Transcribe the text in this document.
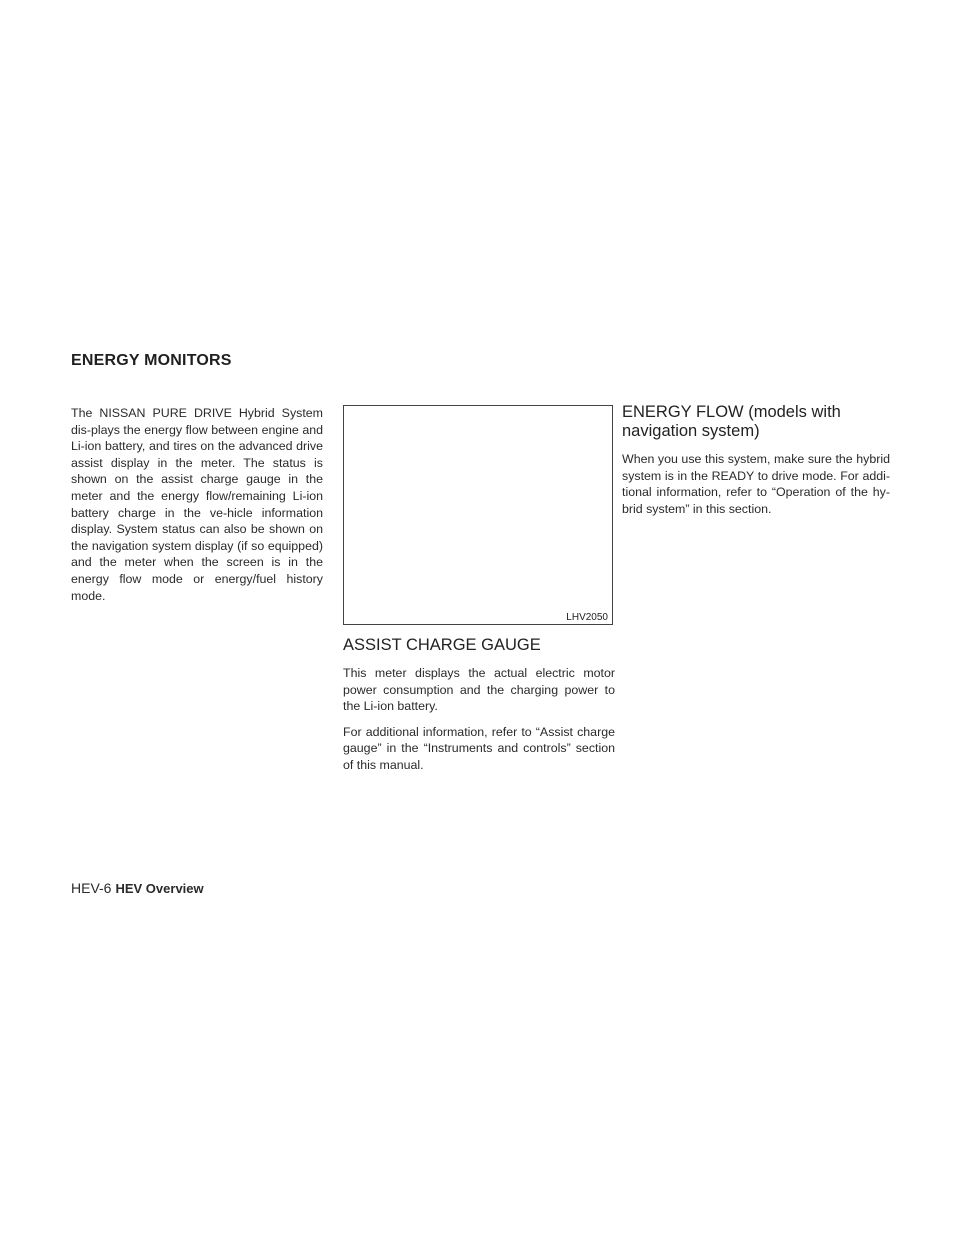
ENERGY MONITORS

The NISSAN PURE DRIVE Hybrid System dis-plays the energy flow between engine and Li-ion battery, and tires on the advanced drive assist display in the meter. The status is shown on the assist charge gauge in the meter and the energy flow/remaining Li-ion battery charge in the ve-hicle information display. System status can also be shown on the navigation system display (if so equipped) and the meter when the screen is in the energy flow mode or energy/fuel history mode.

LHV2050
ASSIST CHARGE GAUGE

This meter displays the actual electric motor power consumption and the charging power to the Li-ion battery.

For additional information, refer to “Assist charge gauge” in the “Instruments and controls” section of this manual.

ENERGY FLOW (models with navigation system)

When you use this system, make sure the hybrid system is in the READY to drive mode. For addi-tional information, refer to “Operation of the hy-brid system” in this section.

HEV-6 HEV Overview
